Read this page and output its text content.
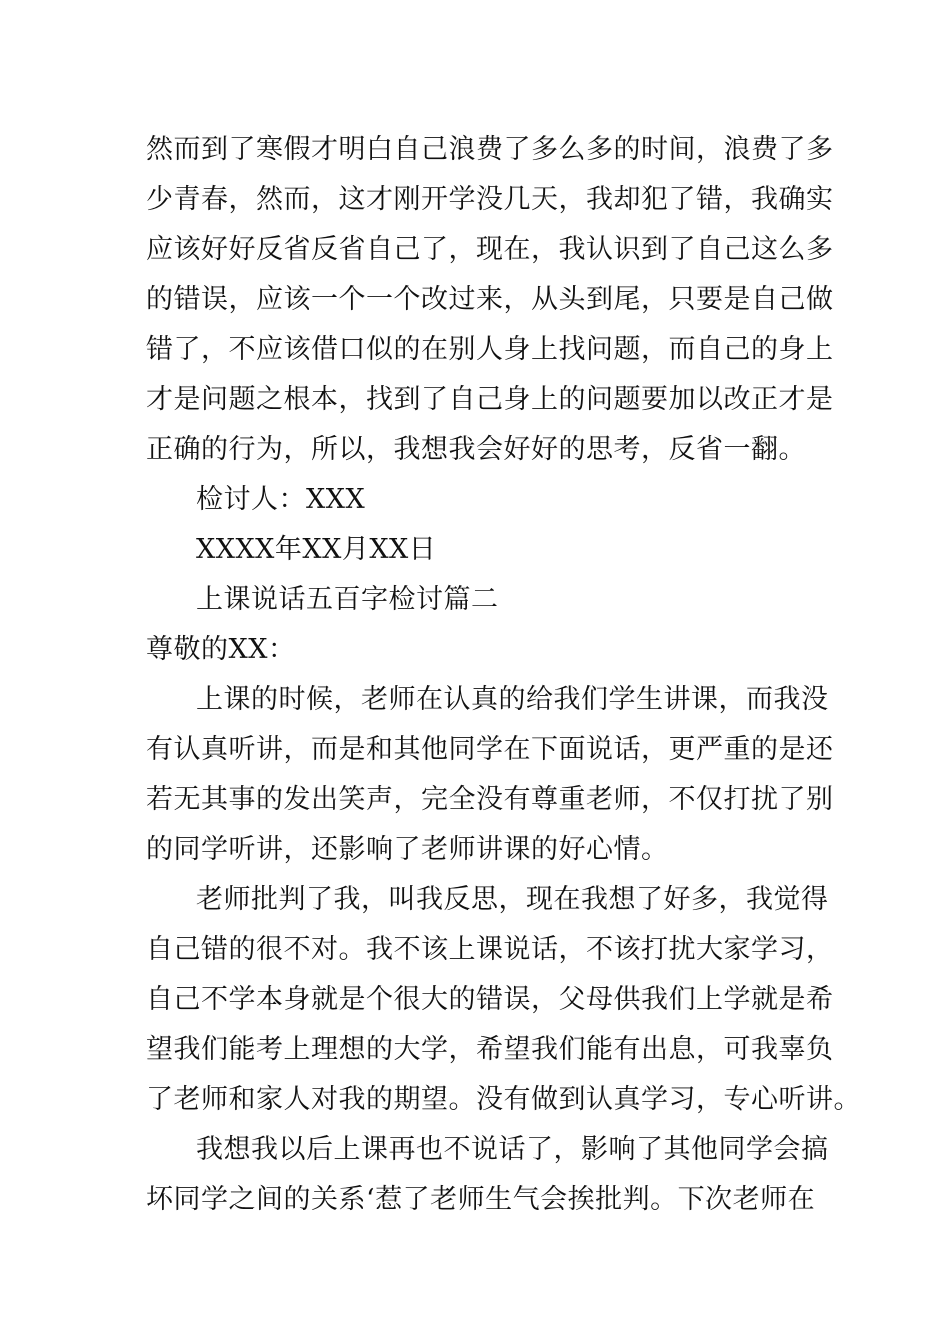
然而到了寒假才明白自己浪费了多么多的时间，浪费了多
少青春，然而，这才刚开学没几天，我却犯了错，我确实
应该好好反省反省自己了，现在，我认识到了自己这么多
的错误，应该一个一个改过来，从头到尾，只要是自己做
错了，不应该借口似的在别人身上找问题，而自己的身上
才是问题之根本，找到了自己身上的问题要加以改正才是
正确的行为，所以，我想我会好好的思考，反省一翻。
检讨人：XXX
XXXX年XX月XX日
上课说话五百字检讨篇二
尊敬的XX：
上课的时候，老师在认真的给我们学生讲课，而我没
有认真听讲，而是和其他同学在下面说话，更严重的是还
若无其事的发出笑声，完全没有尊重老师，不仅打扰了别
的同学听讲，还影响了老师讲课的好心情。
老师批判了我，叫我反思，现在我想了好多，我觉得
自己错的很不对。我不该上课说话，不该打扰大家学习，
自己不学本身就是个很大的错误，父母供我们上学就是希
望我们能考上理想的大学，希望我们能有出息，可我辜负
了老师和家人对我的期望。没有做到认真学习，专心听讲。
我想我以后上课再也不说话了，影响了其他同学会搞
坏同学之间的关系‘惹了老师生气会挨批判。下次老师在
